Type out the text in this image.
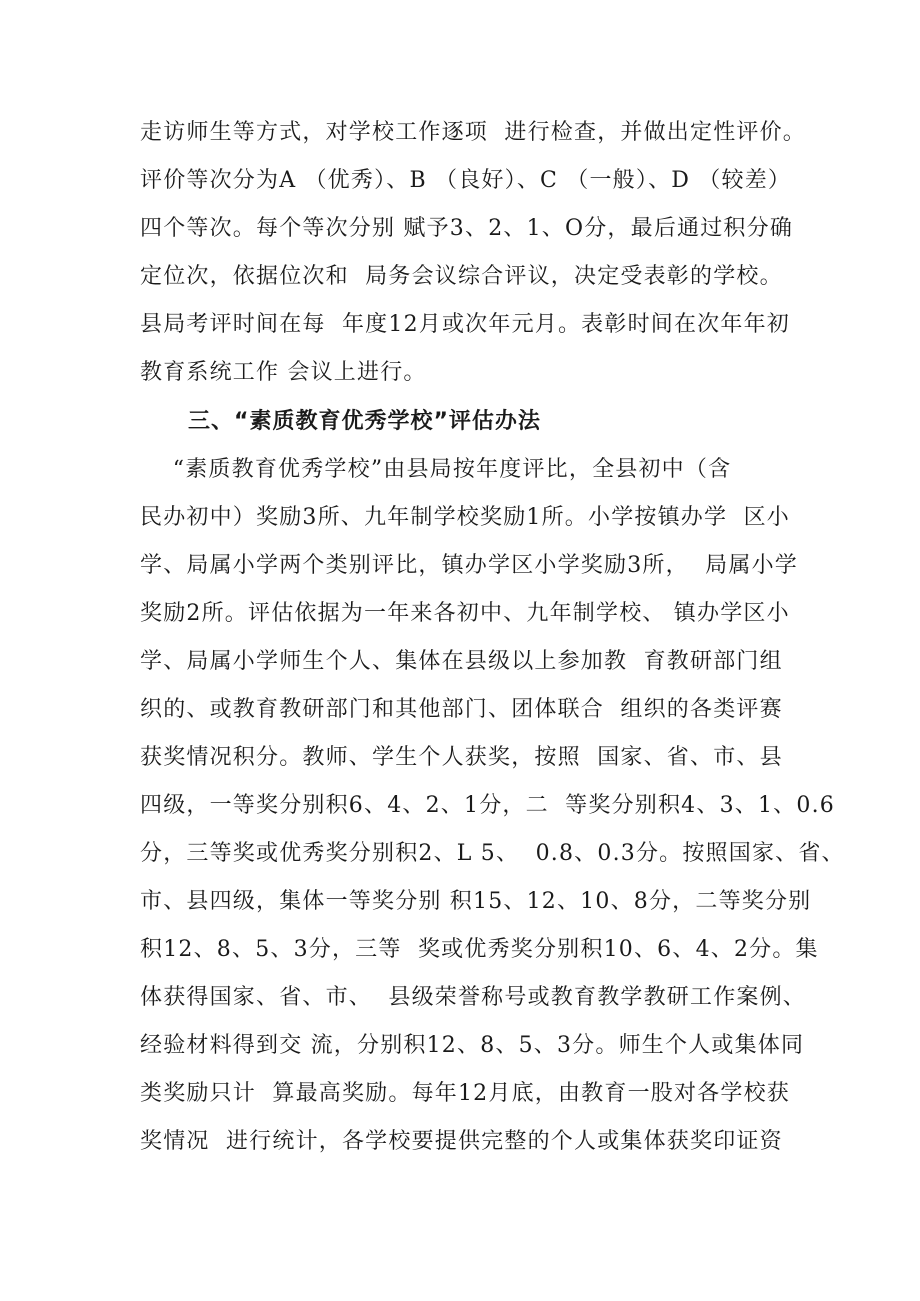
走访师生等方式，对学校工作逐项  进行检查，并做出定性评价。
评价等次分为A （优秀）、B （良好）、C （一般）、D （较差）
四个等次。每个等次分别 赋予3、2、1、O分，最后通过积分确
定位次，依据位次和  局务会议综合评议，决定受表彰的学校。
县局考评时间在每  年度12月或次年元月。表彰时间在次年年初
教育系统工作 会议上进行。
三、“素质教育优秀学校”评估办法
“素质教育优秀学校”由县局按年度评比，全县初中（含
民办初中）奖励3所、九年制学校奖励1所。小学按镇办学  区小
学、局属小学两个类别评比，镇办学区小学奖励3所，  局属小学
奖励2所。评估依据为一年来各初中、九年制学校、 镇办学区小
学、局属小学师生个人、集体在县级以上参加教  育教研部门组
织的、或教育教研部门和其他部门、团体联合  组织的各类评赛
获奖情况积分。教师、学生个人获奖，按照  国家、省、市、县
四级，一等奖分别积6、4、2、1分，二  等奖分别积4、3、1、0.6
分，三等奖或优秀奖分别积2、L 5、  0.8、0.3分。按照国家、省、
市、县四级，集体一等奖分别 积15、12、10、8分，二等奖分别
积12、8、5、3分，三等  奖或优秀奖分别积10、6、4、2分。集
体获得国家、省、市、  县级荣誉称号或教育教学教研工作案例、
经验材料得到交 流，分别积12、8、5、3分。师生个人或集体同
类奖励只计  算最高奖励。每年12月底，由教育一股对各学校获
奖情况  进行统计，各学校要提供完整的个人或集体获奖印证资
